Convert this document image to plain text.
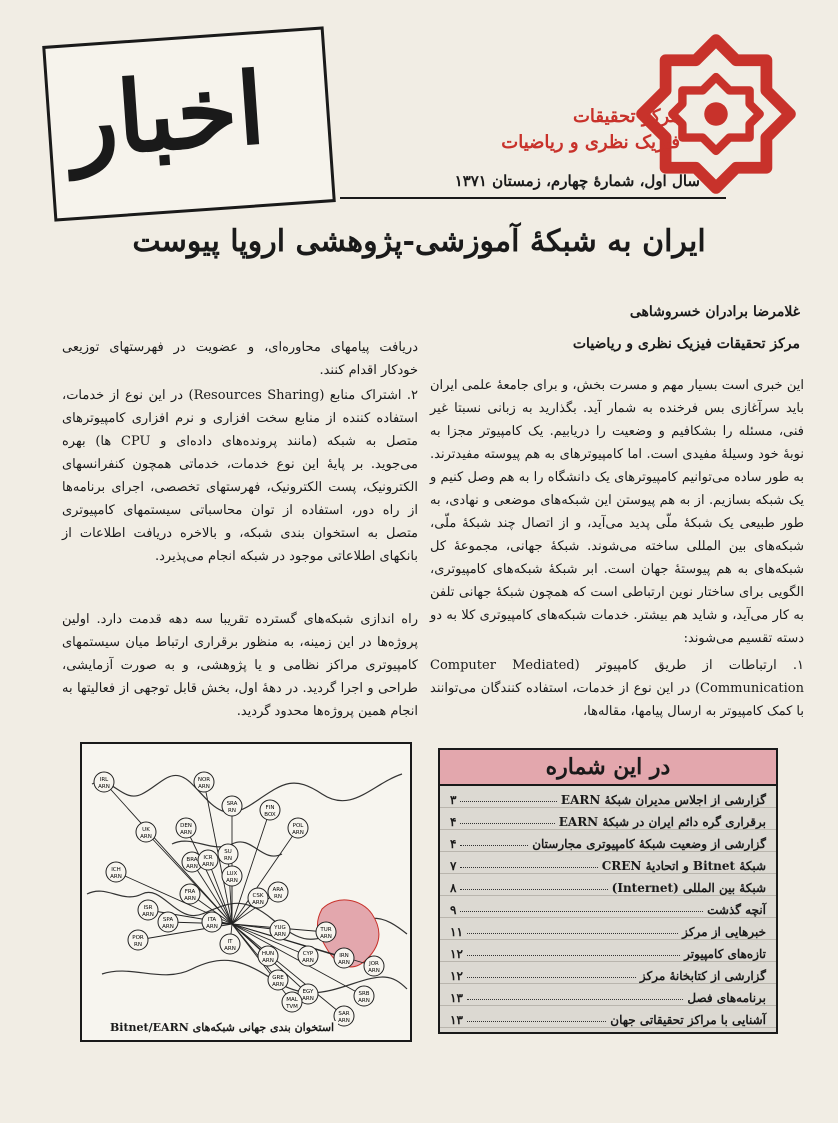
اخبار	مرکز تحقیقات
فیزیک نظری و ریاضیات
سال اول، شمارهٔ چهارم، زمستان ۱۳۷۱
ایران به شبکهٔ آموزشی-پژوهشی اروپا پیوست
غلامرضا برادران خسروشاهی
مرکز تحقیقات فیزیک نظری و ریاضیات

این خبری است بسیار مهم و مسرت بخش، و برای جامعهٔ علمی ایران باید سرآغازی بس فرخنده به شمار آید. بگذارید به زبانی نسبتا غیر فنی، مسئله را بشکافیم و وضعیت را دریابیم. یک کامپیوتر مجزا به نوبهٔ خود وسیلهٔ مفیدی است. اما کامپیوترهای به هم پیوسته مفیدترند. به طور ساده می‌توانیم کامپیوترهای یک دانشگاه را به هم وصل کنیم و یک شبکه بسازیم. از به هم پیوستن این شبکه‌های موضعی و نهادی، به طور طبیعی یک شبکهٔ ملّی پدید می‌آید، و از اتصال چند شبکهٔ ملّی، شبکه‌های بین المللی ساخته می‌شوند. شبکهٔ جهانی، مجموعهٔ کل شبکه‌های به هم پیوستهٔ جهان است. ابر شبکهٔ شبکه‌های کامپیوتری، الگویی برای ساختار نوین ارتباطی است که همچون شبکهٔ جهانی تلفن به کار می‌آید، و شاید هم بیشتر. خدمات شبکه‌های کامپیوتری کلا به دو دسته تقسیم می‌شوند:

۱. ارتباطات از طریق کامپیوتر (Computer Mediated Communication) در این نوع از خدمات، استفاده کنندگان می‌توانند با کمک کامپیوتر به ارسال پیامها، مقاله‌ها،

دریافت پیامهای محاوره‌ای، و عضویت در فهرستهای توزیعی خودکار اقدام کنند.

۲. اشتراک منابع (Resources Sharing) در این نوع از خدمات، استفاده کننده از منابع سخت افزاری و نرم افزاری کامپیوترهای متصل به شبکه (مانند پرونده‌های داده‌ای و CPU ها) بهره می‌جوید. بر پایهٔ این نوع خدمات، خدماتی همچون کنفرانسهای الکترونیک، پست الکترونیک، فهرستهای تخصصی، اجرای برنامه‌ها از راه دور، استفاده از توان محاسباتی سیستمهای کامپیوتری متصل به استخوان بندی شبکه، و بالاخره دریافت اطلاعات از بانکهای اطلاعاتی موجود در شبکه انجام می‌پذیرد.

راه اندازی شبکه‌های گسترده تقریبا سه دهه قدمت دارد. اولین پروژه‌ها در این زمینه، به منظور برقراری ارتباط میان سیستمهای کامپیوتری مراکز نظامی و یا پژوهشی، و به صورت آزمایشی، طراحی و اجرا گردید. در دههٔ اول، بخش قابل توجهی از فعالیتها به انجام همین پروژه‌ها محدود گردید.

IRL
ARN
NOR
ARN
SRA
RN	FIN
BOX
POL
ARN
UK
ARN
DEN
ARN
ICH
ARN
SU
RN
BRA
ARN
ICR
ARN
LUX
ARN
FRA
ARN	CSK
ARN
ARA
RN
ISR
ARN
POR
RN
SPA
ARN
ITA
ARN
IT
ARN
YUG
ARN
HUN
ARN
GRE
ARN
CYP
ARN
TUR
ARN
EGY
ARN
MAL
TVM
IRN
ARN
SRB
ARN
JOR
ARN
SAR
ARN
استخوان بندی جهانی شبکه‌های Bitnet/EARN
در این شماره
گزارشی از اجلاس مدیران شبکهٔ EARN
۳
برقراری گره دائم ایران در شبکهٔ EARN
۴
گزارشی از وضعیت شبکهٔ کامپیوتری مجارستان
۴
شبکهٔ Bitnet و اتحادیهٔ CREN
۷
شبکهٔ بین المللی (Internet)
۸
آنچه گذشت
۹
خبرهایی از مرکز
۱۱
تازه‌های کامپیوتر
۱۲
گزارشی از کتابخانهٔ مرکز
۱۲
برنامه‌های فصل
۱۳
آشنایی با مراکز تحقیقاتی جهان
۱۳
